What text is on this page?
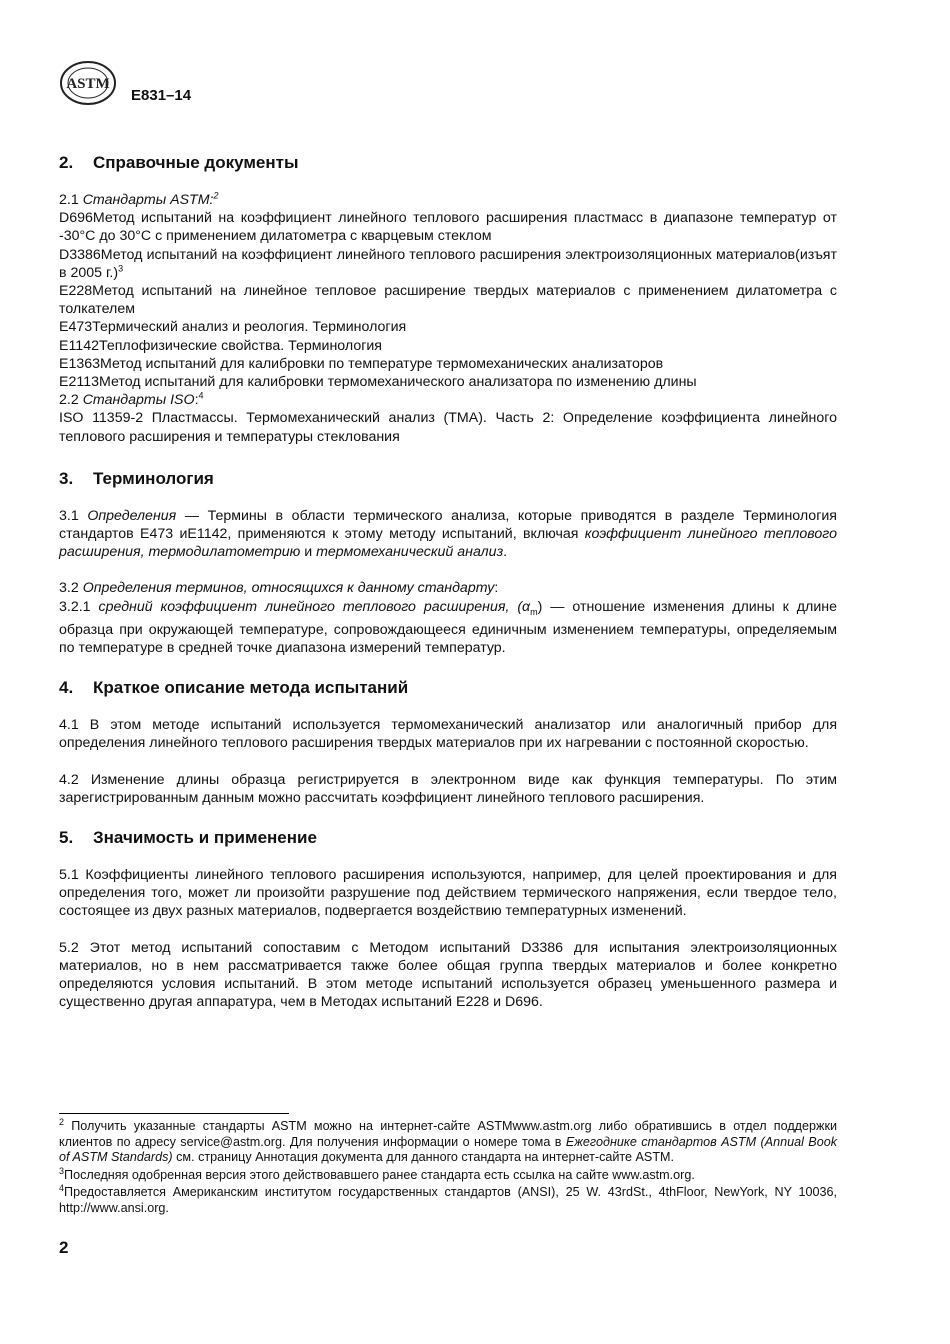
ASTM
E831–14
2. Справочные документы

2.1 Стандарты ASTM:$^2$

D696Метод испытаний на коэффициент линейного теплового расширения пластмасс в диапазоне температур от -30°C до 30°C с применением дилатометра с кварцевым стеклом

D3386Метод испытаний на коэффициент линейного теплового расширения электроизоляционных материалов(изъят в 2005 г.)$^3$

E228Метод испытаний на линейное тепловое расширение твердых материалов с применением дилатометра с толкателем

E473Термический анализ и реология. Терминология

E1142Теплофизические свойства. Терминология

E1363Метод испытаний для калибровки по температуре термомеханических анализаторов

E2113Метод испытаний для калибровки термомеханического анализатора по изменению длины

2.2 Стандарты ISO:$^4$

ISO 11359-2 Пластмассы. Термомеханический анализ (TMA). Часть 2: Определение коэффициента линейного теплового расширения и температуры стеклования

3. Терминология

3.1 Определения — Термины в области термического анализа, которые приводятся в разделе Терминология стандартов E473 иE1142, применяются к этому методу испытаний, включая коэффициент линейного теплового расширения, термодилатометрию и термомеханический анализ.

3.2 Определения терминов, относящихся к данному стандарту:

3.2.1 средний коэффициент линейного теплового расширения, $(\alpha_m)$ — отношение изменения длины к длине образца при окружающей температуре, сопровождающееся единичным изменением температуры, определяемым по температуре в средней точке диапазона измерений температур.

4. Краткое описание метода испытаний

4.1 В этом методе испытаний используется термомеханический анализатор или аналогичный прибор для определения линейного теплового расширения твердых материалов при их нагревании с постоянной скоростью.

4.2 Изменение длины образца регистрируется в электронном виде как функция температуры. По этим зарегистрированным данным можно рассчитать коэффициент линейного теплового расширения.

5. Значимость и применение

5.1 Коэффициенты линейного теплового расширения используются, например, для целей проектирования и для определения того, может ли произойти разрушение под действием термического напряжения, если твердое тело, состоящее из двух разных материалов, подвергается воздействию температурных изменений.

5.2 Этот метод испытаний сопоставим с Методом испытаний D3386 для испытания электроизоляционных материалов, но в нем рассматривается также более общая группа твердых материалов и более конкретно определяются условия испытаний. В этом методе испытаний используется образец уменьшенного размера и существенно другая аппаратура, чем в Методах испытаний E228 и D696.

$^2$ Получить указанные стандарты ASTM можно на интернет-сайте ASTMwww.astm.org либо обратившись в отдел поддержки клиентов по адресу service@astm.org. Для получения информации о номере тома в Ежегоднике стандартов ASTM (Annual Book of ASTM Standards) см. страницу Аннотация документа для данного стандарта на интернет-сайте ASTM.

$^3$Последняя одобренная версия этого действовавшего ранее стандарта есть ссылка на сайте www.astm.org.

$^4$Предоставляется Американским институтом государственных стандартов (ANSI), 25 W. 43rdSt., 4thFloor, NewYork, NY 10036, http://www.ansi.org.

2
